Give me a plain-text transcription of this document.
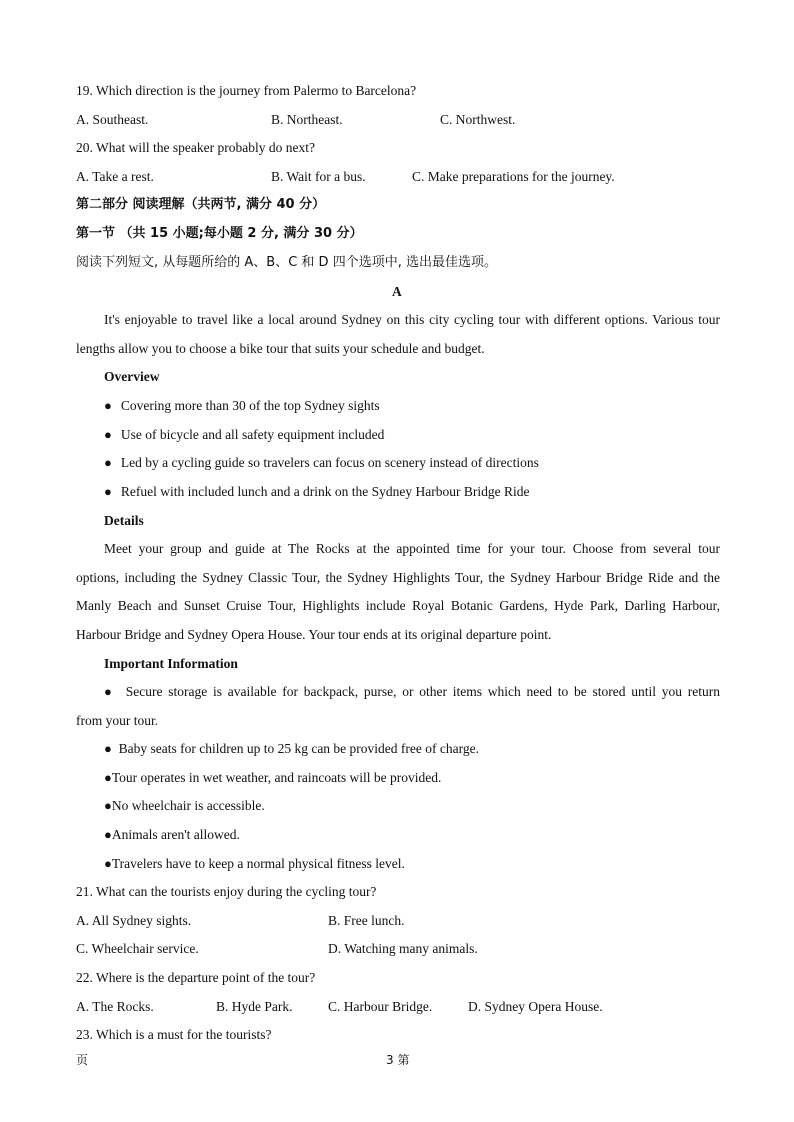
19. Which direction is the journey from Palermo to Barcelona?
A. Southeast.	B. Northeast.	C. Northwest.
20. What will the speaker probably do next?
A. Take a rest.	B. Wait for a bus.	C. Make preparations for the journey.
第二部分 阅读理解（共两节, 满分 40 分）
第一节 （共 15 小题;每小题 2 分, 满分 30 分）
阅读下列短文, 从每题所给的 A、B、C 和 D 四个选项中, 选出最佳选项。
A
It's enjoyable to travel like a local around Sydney on this city cycling tour with different options. Various tour
lengths allow you to choose a bike tour that suits your schedule and budget.
Overview
● Covering more than 30 of the top Sydney sights
● Use of bicycle and all safety equipment included
● Led by a cycling guide so travelers can focus on scenery instead of directions
● Refuel with included lunch and a drink on the Sydney Harbour Bridge Ride
Details
Meet your group and guide at The Rocks at the appointed time for your tour. Choose from several tour
options, including the Sydney Classic Tour, the Sydney Highlights Tour, the Sydney Harbour Bridge Ride and the
Manly Beach and Sunset Cruise Tour, Highlights include Royal Botanic Gardens, Hyde Park, Darling Harbour,
Harbour Bridge and Sydney Opera House. Your tour ends at its original departure point.
Important Information
● Secure storage is available for backpack, purse, or other items which need to be stored until you return
from your tour.
● Baby seats for children up to 25 kg can be provided free of charge.
●Tour operates in wet weather, and raincoats will be provided.
●No wheelchair is accessible.
●Animals aren't allowed.
●Travelers have to keep a normal physical fitness level.
21. What can the tourists enjoy during the cycling tour?
A. All Sydney sights.	B. Free lunch.
C. Wheelchair service.	D. Watching many animals.
22. Where is the departure point of the tour?
A. The Rocks.	B. Hyde Park.	C. Harbour Bridge.	D. Sydney Opera House.
23. Which is a must for the tourists?
页	3 第
